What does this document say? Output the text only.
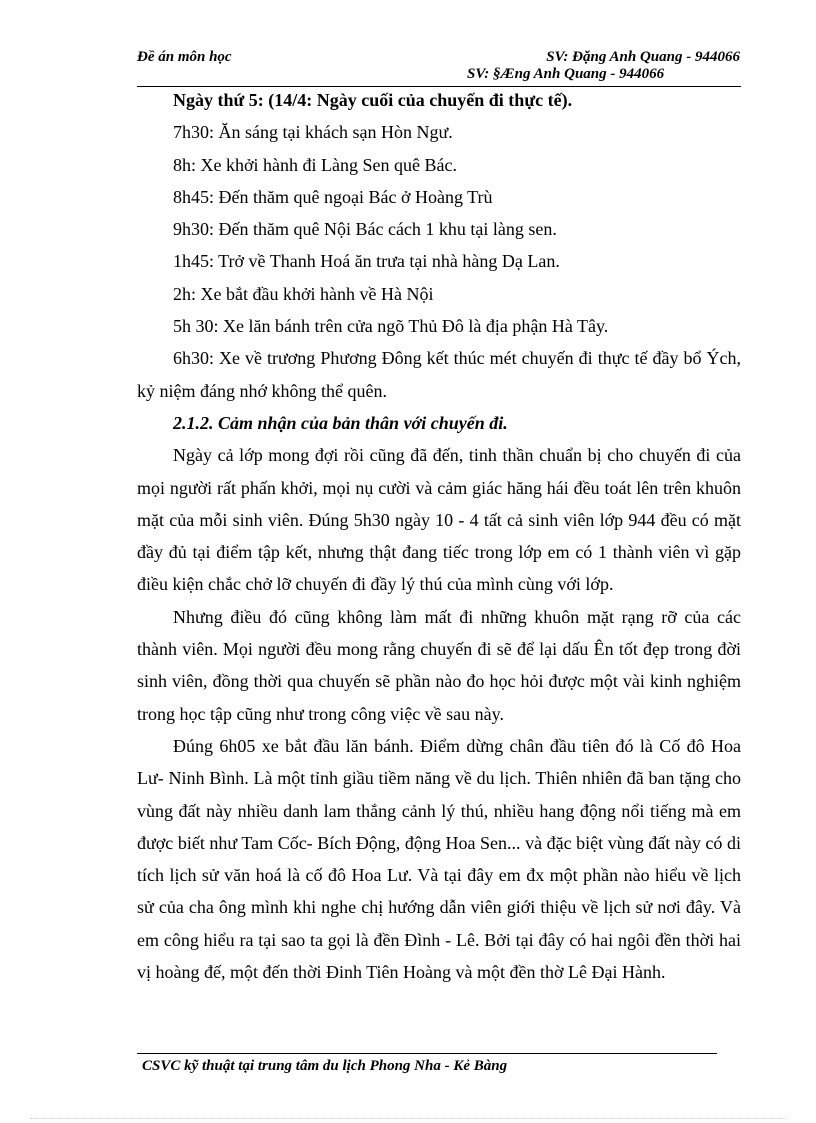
Đề án môn học	SV: Đặng Anh Quang - 944066
SV: §Æng Anh Quang - 944066

Ngày thứ 5: (14/4: Ngày cuối của chuyến đi thực tế).

7h30: Ăn sáng tại khách sạn Hòn Ngư.

8h: Xe khởi hành đi Làng Sen quê Bác.

8h45: Đến thăm quê ngoại Bác ở Hoàng Trù

9h30: Đến thăm quê Nội Bác cách 1 khu tại làng sen.

1h45: Trở về Thanh Hoá ăn trưa tại nhà hàng Dạ Lan.

2h: Xe bắt đầu khởi hành về Hà Nội

5h 30: Xe lăn bánh trên cửa ngõ Thủ Đô là địa phận Hà Tây.

6h30: Xe về trương Phương Đông kết thúc mét chuyến đi thực tế đầy bổ Ých, kỷ niệm đáng nhớ không thể quên.

2.1.2. Cảm nhận của bản thân với chuyến đi.

Ngày cả lớp mong đợi rồi cũng đã đến, tinh thần chuẩn bị cho chuyến đi của mọi người rất phấn khởi, mọi nụ cười và cảm giác hăng hái đều toát lên trên khuôn mặt của mỗi sinh viên. Đúng 5h30 ngày 10 - 4 tất cả sinh viên lớp 944 đều có mặt đầy đủ tại điểm tập kết, nhưng thật đang tiếc trong lớp em có 1 thành viên vì gặp điều kiện chắc chở lỡ chuyến đi đầy lý thú của mình cùng với lớp.

Nhưng điều đó cũng không làm mất đi những khuôn mặt rạng rỡ của các thành viên. Mọi người đều mong rằng chuyến đi sẽ để lại dấu Ên tốt đẹp trong đời sinh viên, đồng thời qua chuyến sẽ phần nào đo học hỏi được một vài kinh nghiệm trong học tập cũng như trong công việc về sau này.

Đúng 6h05 xe bắt đầu lăn bánh. Điểm dừng chân đầu tiên đó là Cố đô Hoa Lư- Ninh Bình. Là một tỉnh giầu tiềm năng về du lịch. Thiên nhiên đã ban tặng cho vùng đất này nhiều danh lam thắng cảnh lý thú, nhiều hang động nổi tiếng mà em được biết như Tam Cốc- Bích Động, động Hoa Sen... và đặc biệt vùng đất này có di tích lịch sử văn hoá là cố đô Hoa Lư. Và tại đây em đx một phần nào hiểu về lịch sử của cha ông mình khi nghe chị hướng dẫn viên giới thiệu về lịch sử nơi đây. Và em công hiểu ra tại sao ta gọi là đền Đình - Lê. Bởi tại đây có hai ngôi đền thời hai vị hoàng đế, một đến thời Đinh Tiên Hoàng và một đền thờ Lê Đại Hành.

CSVC kỹ thuật tại trung tâm du lịch Phong Nha - Kẻ Bàng
